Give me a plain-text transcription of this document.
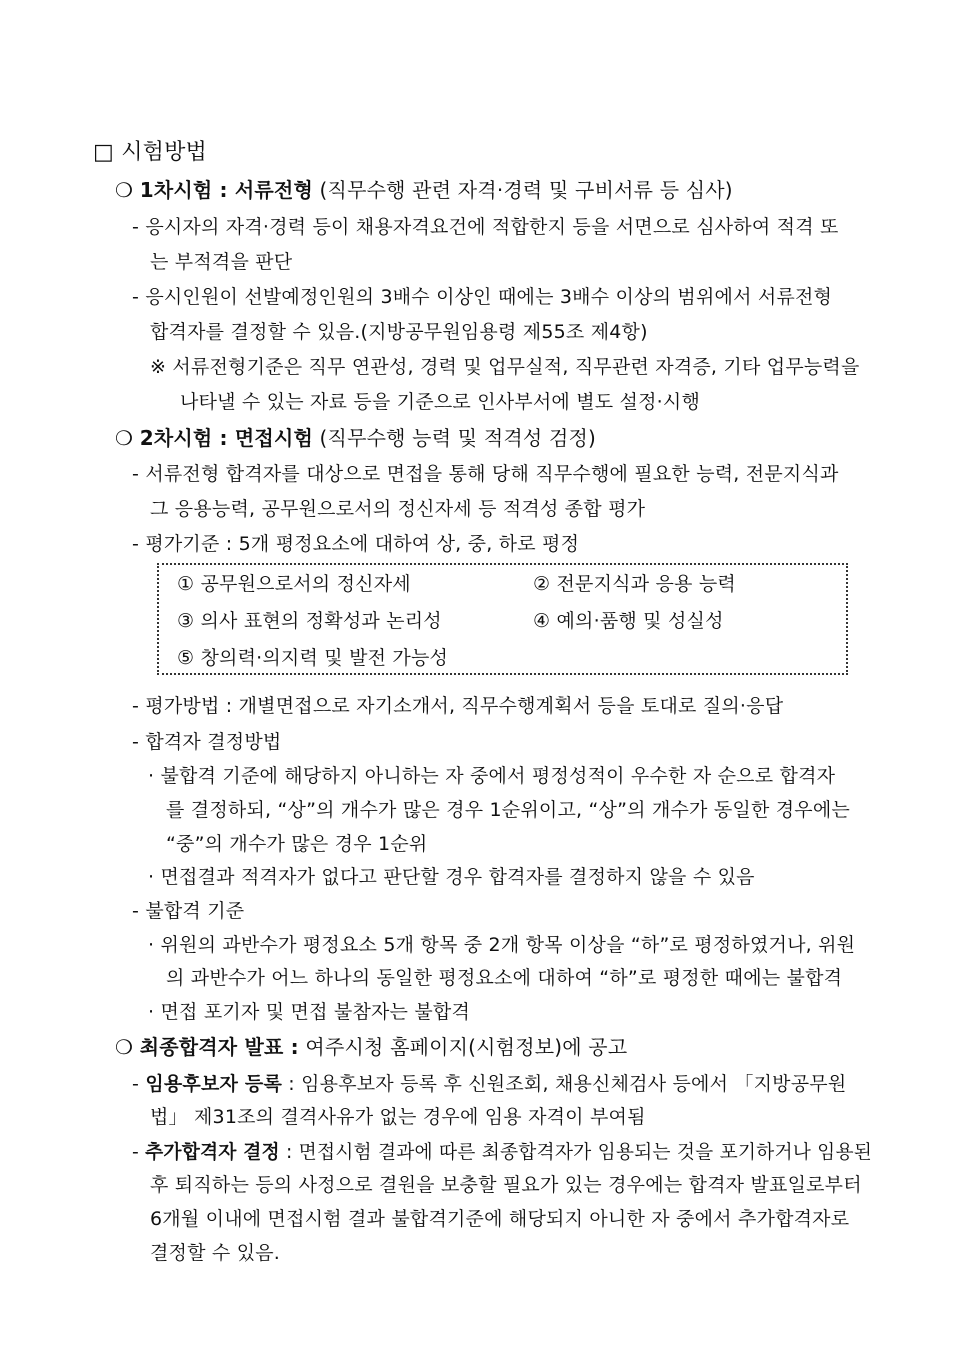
□ 시험방법
❍ 1차시험 : 서류전형 (직무수행 관련 자격·경력 및 구비서류 등 심사)
- 응시자의 자격·경력 등이 채용자격요건에 적합한지 등을 서면으로 심사하여 적격 또
는 부적격을 판단
- 응시인원이 선발예정인원의 3배수 이상인 때에는 3배수 이상의 범위에서 서류전형
합격자를 결정할 수 있음.(지방공무원임용령 제55조 제4항)
※ 서류전형기준은 직무 연관성, 경력 및 업무실적, 직무관련 자격증, 기타 업무능력을
나타낼 수 있는 자료 등을 기준으로 인사부서에 별도 설정·시행
❍ 2차시험 : 면접시험 (직무수행 능력 및 적격성 검정)
- 서류전형 합격자를 대상으로 면접을 통해 당해 직무수행에 필요한 능력, 전문지식과
그 응용능력, 공무원으로서의 정신자세 등 적격성 종합 평가
- 평가기준 : 5개 평정요소에 대하여 상, 중, 하로 평정
① 공무원으로서의 정신자세	② 전문지식과 응용 능력
③ 의사 표현의 정확성과 논리성	④ 예의·품행 및 성실성
⑤ 창의력·의지력 및 발전 가능성
- 평가방법 : 개별면접으로 자기소개서, 직무수행계획서 등을 토대로 질의·응답
- 합격자 결정방법
· 불합격 기준에 해당하지 아니하는 자 중에서 평정성적이 우수한 자 순으로 합격자
를 결정하되, “상”의 개수가 많은 경우 1순위이고, “상”의 개수가 동일한 경우에는
“중”의 개수가 많은 경우 1순위
· 면접결과 적격자가 없다고 판단할 경우 합격자를 결정하지 않을 수 있음
- 불합격 기준
· 위원의 과반수가 평정요소 5개 항목 중 2개 항목 이상을 “하”로 평정하였거나, 위원
의 과반수가 어느 하나의 동일한 평정요소에 대하여 “하”로 평정한 때에는 불합격
· 면접 포기자 및 면접 불참자는 불합격
❍ 최종합격자 발표 : 여주시청 홈페이지(시험정보)에 공고
- 임용후보자 등록 : 임용후보자 등록 후 신원조회, 채용신체검사 등에서 「지방공무원
법」 제31조의 결격사유가 없는 경우에 임용 자격이 부여됨
- 추가합격자 결정 : 면접시험 결과에 따른 최종합격자가 임용되는 것을 포기하거나 임용된
후 퇴직하는 등의 사정으로 결원을 보충할 필요가 있는 경우에는 합격자 발표일로부터
6개월 이내에 면접시험 결과 불합격기준에 해당되지 아니한 자 중에서 추가합격자로
결정할 수 있음.
